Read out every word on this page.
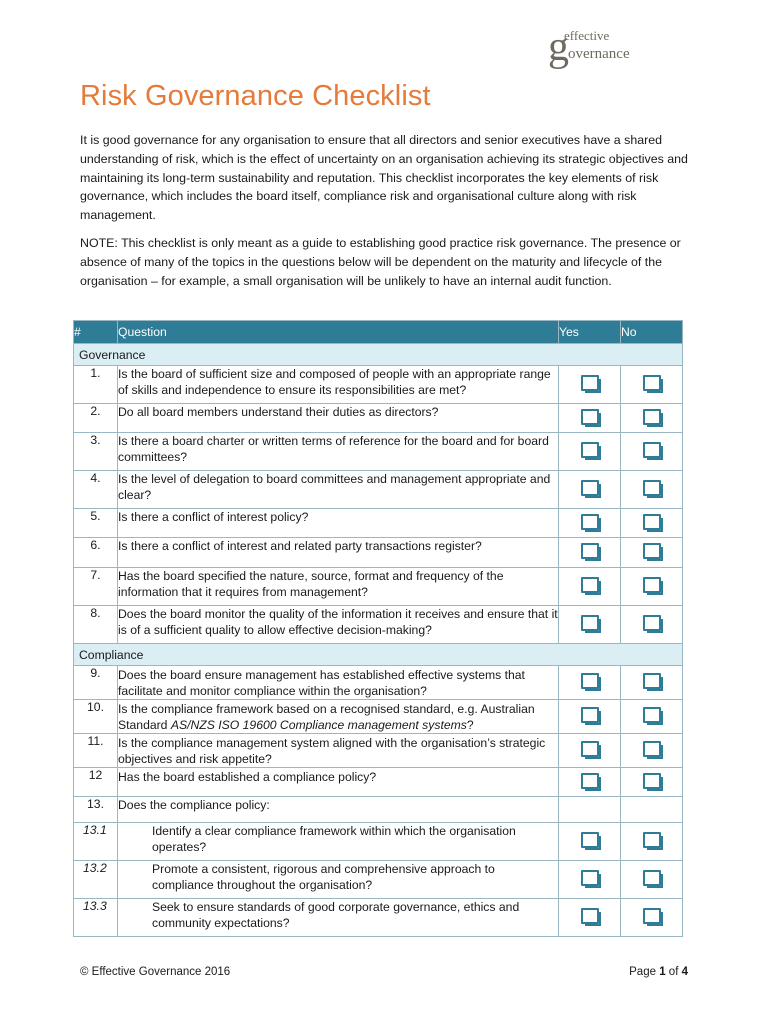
g
effective
overnance
Risk Governance Checklist

It is good governance for any organisation to ensure that all directors and senior executives have a shared understanding of risk, which is the effect of uncertainty on an organisation achieving its strategic objectives and maintaining its long-term sustainability and reputation. This checklist incorporates the key elements of risk governance, which includes the board itself, compliance risk and organisational culture along with risk management.

NOTE: This checklist is only meant as a guide to establishing good practice risk governance. The presence or absence of many of the topics in the questions below will be dependent on the maturity and lifecycle of the organisation – for example, a small organisation will be unlikely to have an internal audit function.

#	Question	Yes	No
Governance			
1.	Is the board of sufficient size and composed of people with an appropriate range of skills and independence to ensure its responsibilities are met?		
2.	Do all board members understand their duties as directors?		
3.	Is there a board charter or written terms of reference for the board and for board committees?		
4.	Is the level of delegation to board committees and management appropriate and clear?		
5.	Is there a conflict of interest policy?		
6.	Is there a conflict of interest and related party transactions register?		
7.	Has the board specified the nature, source, format and frequency of the information that it requires from management?		
8.	Does the board monitor the quality of the information it receives and ensure that it is of a sufficient quality to allow effective decision-making?		
Compliance			
9.	Does the board ensure management has established effective systems that facilitate and monitor compliance within the organisation?		
10.	Is the compliance framework based on a recognised standard, e.g. Australian Standard AS/NZS ISO 19600 Compliance management systems?		
11.	Is the compliance management system aligned with the organisation’s strategic objectives and risk appetite?		
12	Has the board established a compliance policy?		
13.	Does the compliance policy:		
13.1	Identify a clear compliance framework within which the organisation operates?		
13.2	Promote a consistent, rigorous and comprehensive approach to compliance throughout the organisation?		
13.3	Seek to ensure standards of good corporate governance, ethics and community expectations?		
© Effective Governance 2016	Page 1 of 4
